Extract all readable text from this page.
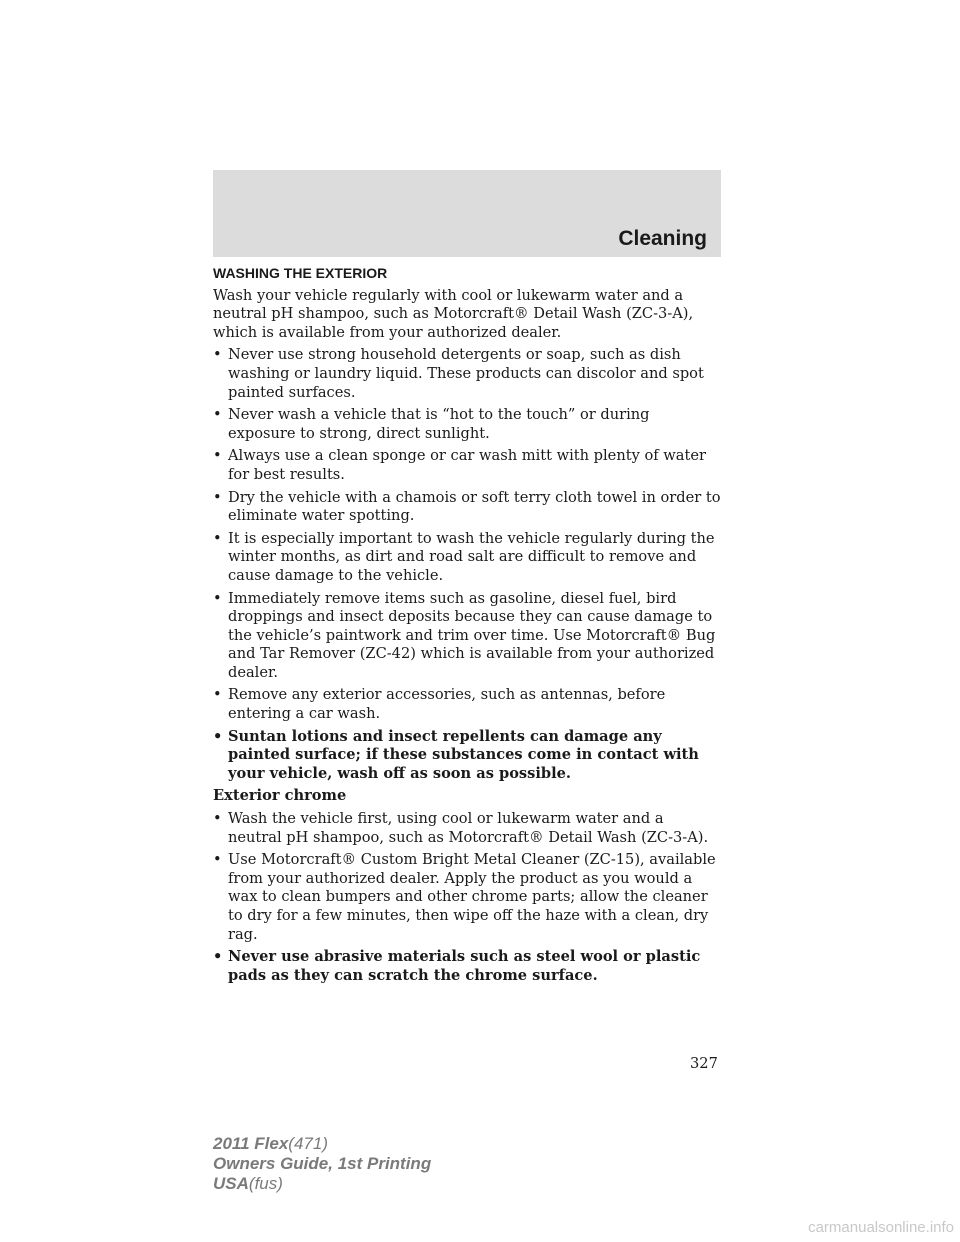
Cleaning
WASHING THE EXTERIOR

Wash your vehicle regularly with cool or lukewarm water and a neutral pH shampoo, such as Motorcraft® Detail Wash (ZC-3-A), which is available from your authorized dealer.

• Never use strong household detergents or soap, such as dish washing or laundry liquid. These products can discolor and spot painted surfaces.
• Never wash a vehicle that is “hot to the touch” or during exposure to strong, direct sunlight.
• Always use a clean sponge or car wash mitt with plenty of water for best results.
• Dry the vehicle with a chamois or soft terry cloth towel in order to eliminate water spotting.
• It is especially important to wash the vehicle regularly during the winter months, as dirt and road salt are difficult to remove and cause damage to the vehicle.
• Immediately remove items such as gasoline, diesel fuel, bird droppings and insect deposits because they can cause damage to the vehicle’s paintwork and trim over time. Use Motorcraft® Bug and Tar Remover (ZC-42) which is available from your authorized dealer.
• Remove any exterior accessories, such as antennas, before entering a car wash.
• Suntan lotions and insect repellents can damage any painted surface; if these substances come in contact with your vehicle, wash off as soon as possible.
Exterior chrome
• Wash the vehicle first, using cool or lukewarm water and a neutral pH shampoo, such as Motorcraft® Detail Wash (ZC-3-A).
• Use Motorcraft® Custom Bright Metal Cleaner (ZC-15), available from your authorized dealer. Apply the product as you would a wax to clean bumpers and other chrome parts; allow the cleaner to dry for a few minutes, then wipe off the haze with a clean, dry rag.
• Never use abrasive materials such as steel wool or plastic pads as they can scratch the chrome surface.
327
2011 Flex(471)
Owners Guide, 1st Printing
USA(fus)
carmanualsonline.info
